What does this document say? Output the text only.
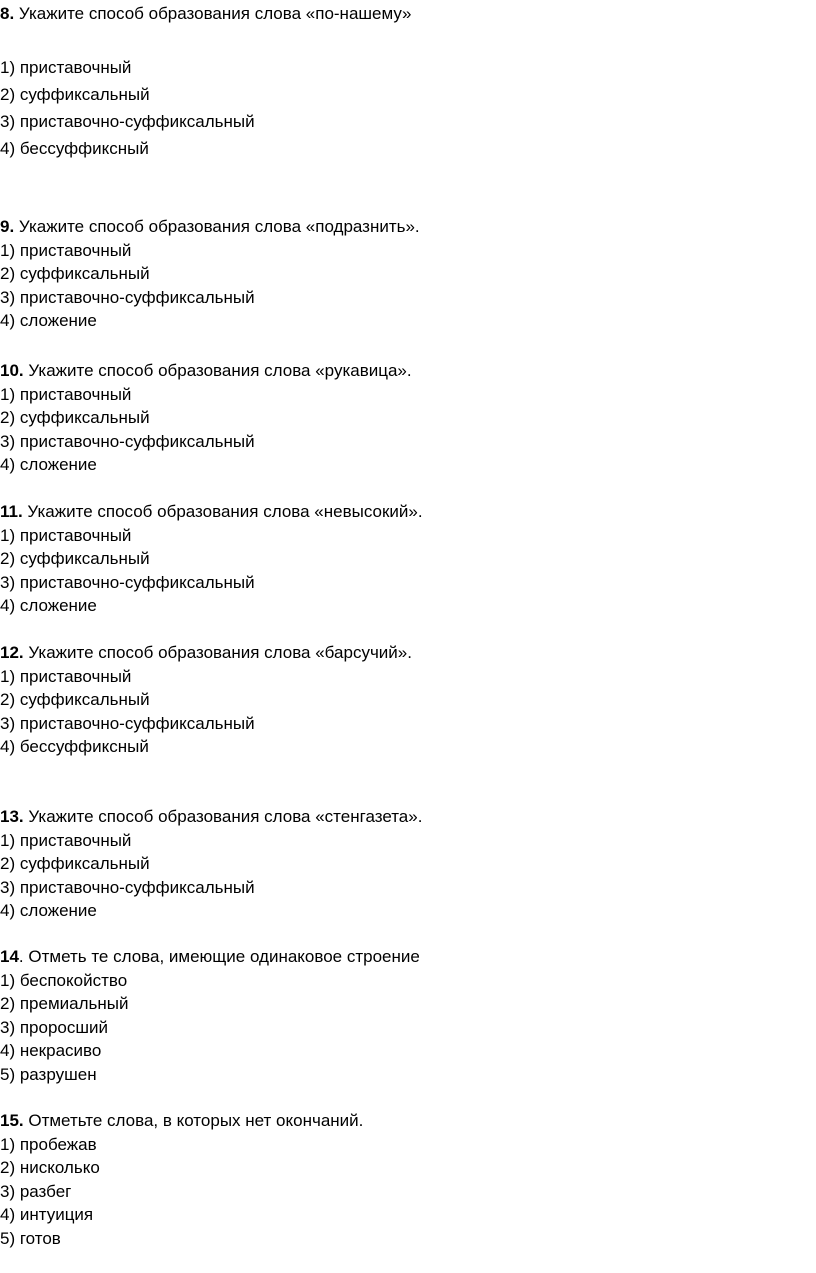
8. Укажите способ образования слова «по-нашему»
1) приставочный
2) суффиксальный
3) приставочно-суффиксальный
4) бессуффиксный
9. Укажите способ образования слова «подразнить».
1) приставочный
2) суффиксальный
3) приставочно-суффиксальный
4) сложение
10. Укажите способ образования слова «рукавица».
1) приставочный
2) суффиксальный
3) приставочно-суффиксальный
4) сложение
11. Укажите способ образования слова «невысокий».
1) приставочный
2) суффиксальный
3) приставочно-суффиксальный
4) сложение
12. Укажите способ образования слова «барсучий».
1) приставочный
2) суффиксальный
3) приставочно-суффиксальный
4) бессуффиксный
13. Укажите способ образования слова «стенгазета».
1) приставочный
2) суффиксальный
3) приставочно-суффиксальный
4) сложение
14. Отметь те слова, имеющие одинаковое строение
1) беспокойство
2) премиальный
3) проросший
4) некрасиво
5) разрушен
15. Отметьте слова, в которых нет окончаний.
1) пробежав
2) нисколько
3) разбег
4) интуиция
5) готов
